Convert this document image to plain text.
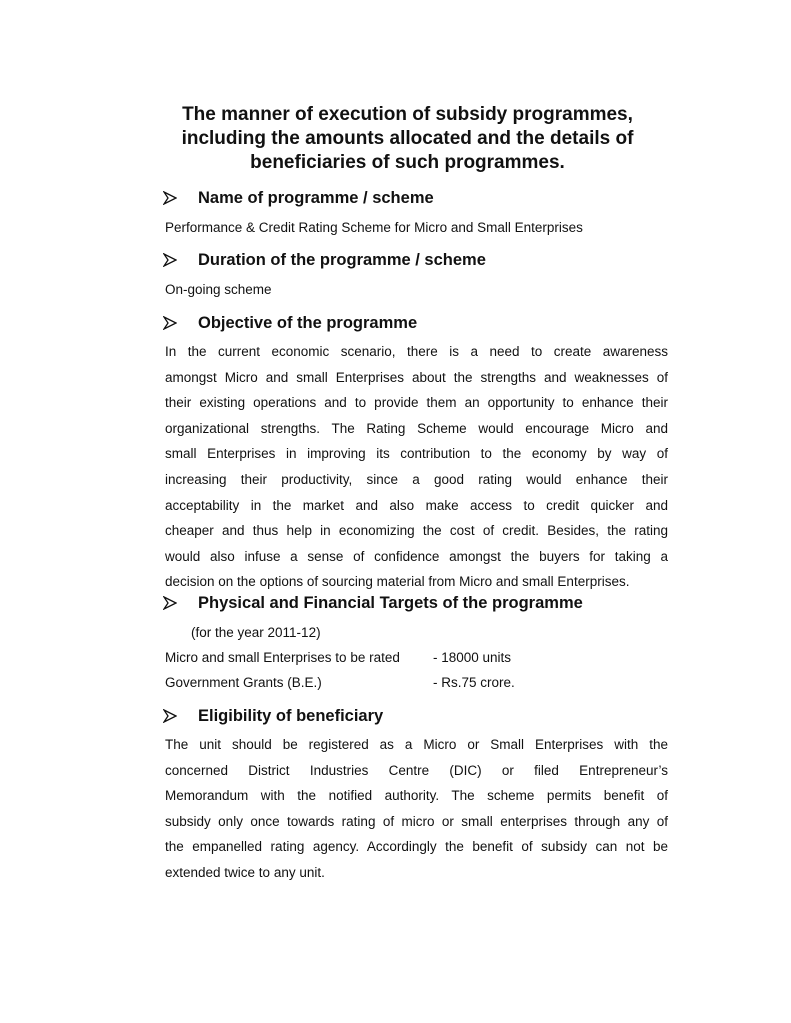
The manner of execution of subsidy programmes,
including the amounts allocated and the details of
beneficiaries of such programmes.
Name of programme / scheme

Performance & Credit Rating Scheme for Micro and Small Enterprises

Duration of the programme / scheme

On-going scheme

Objective of the programme
In the current economic scenario, there is a need to create awareness
amongst Micro and small Enterprises about the strengths and weaknesses of
their existing operations and to provide them an opportunity to enhance their
organizational strengths. The Rating Scheme would encourage Micro and
small Enterprises in improving its contribution to the economy by way of
increasing their productivity, since a good rating would enhance their
acceptability in the market and also make access to credit quicker and
cheaper and thus help in economizing the cost of credit. Besides, the rating
would also infuse a sense of confidence amongst the buyers for taking a
decision on the options of sourcing material from Micro and small Enterprises.
Physical and Financial Targets of the programme

(for the year 2011-12)

Micro and small Enterprises to be rated - 18000 units
Government Grants (B.E.)	- Rs.75 crore.
Eligibility of beneficiary
The unit should be registered as a Micro or Small Enterprises with the
concerned District Industries Centre (DIC) or filed Entrepreneur’s
Memorandum with the notified authority. The scheme permits benefit of
subsidy only once towards rating of micro or small enterprises through any of
the empanelled rating agency. Accordingly the benefit of subsidy can not be
extended twice to any unit.
